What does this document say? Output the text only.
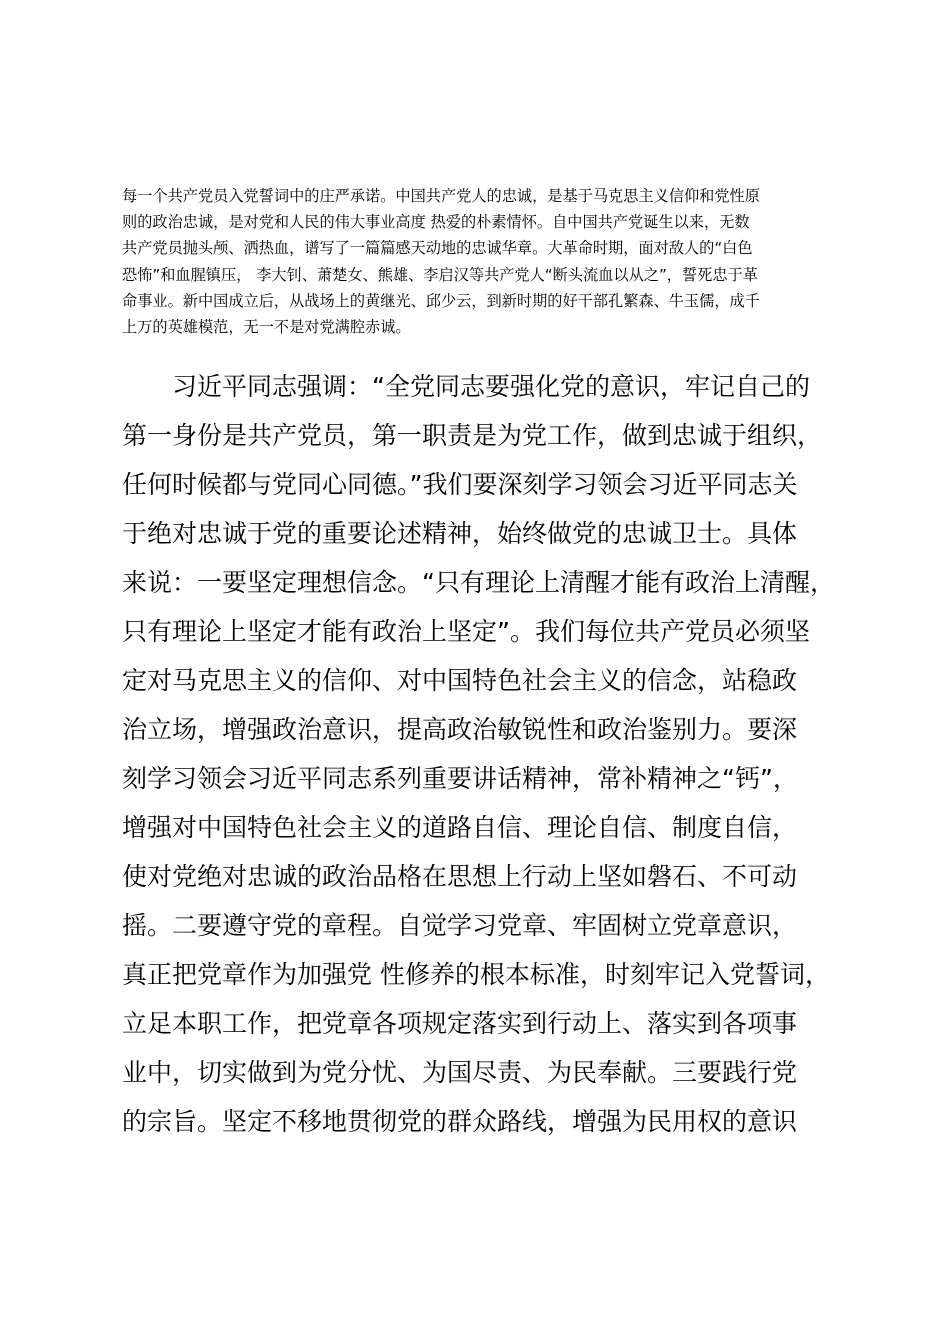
每一个共产党员入党誓词中的庄严承诺。中国共产党人的忠诚，是基于马克思主义信仰和党性原
则的政治忠诚，是对党和人民的伟大事业高度 热爱的朴素情怀。自中国共产党诞生以来，无数
共产党员抛头颅、洒热血，谱写了一篇篇感天动地的忠诚华章。大革命时期，面对敌人的“白色
恐怖”和血腥镇压， 李大钊、萧楚女、熊雄、李启汉等共产党人“断头流血以从之”，誓死忠于革
命事业。新中国成立后，从战场上的黄继光、邱少云，到新时期的好干部孔繁森、牛玉儒，成千
上万的英雄模范，无一不是对党满腔赤诚。
　　习近平同志强调：“全党同志要强化党的意识，牢记自己的
第一身份是共产党员，第一职责是为党工作，做到忠诚于组织，
任何时候都与党同心同德。”我们要深刻学习领会习近平同志关
于绝对忠诚于党的重要论述精神，始终做党的忠诚卫士。具体
来说：一要坚定理想信念。“只有理论上清醒才能有政治上清醒，
只有理论上坚定才能有政治上坚定”。我们每位共产党员必须坚
定对马克思主义的信仰、对中国特色社会主义的信念，站稳政
治立场，增强政治意识，提高政治敏锐性和政治鉴别力。要深
刻学习领会习近平同志系列重要讲话精神，常补精神之“钙”，
增强对中国特色社会主义的道路自信、理论自信、制度自信，
使对党绝对忠诚的政治品格在思想上行动上坚如磐石、不可动
摇。二要遵守党的章程。自觉学习党章、牢固树立党章意识，
真正把党章作为加强党 性修养的根本标准，时刻牢记入党誓词，
立足本职工作，把党章各项规定落实到行动上、落实到各项事
业中，切实做到为党分忧、为国尽责、为民奉献。三要践行党
的宗旨。坚定不移地贯彻党的群众路线，增强为民用权的意识
